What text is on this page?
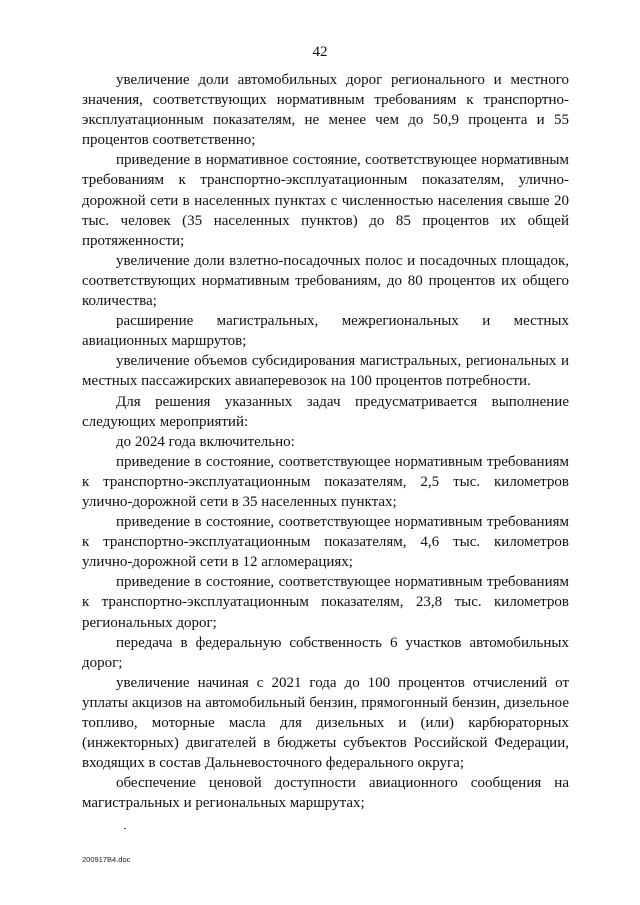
42

увеличение доли автомобильных дорог регионального и местного значения, соответствующих нормативным требованиям к транспортно-эксплуатационным показателям, не менее чем до 50,9 процента и 55 процентов соответственно;

приведение в нормативное состояние, соответствующее нормативным требованиям к транспортно-эксплуатационным показателям, улично-дорожной сети в населенных пунктах с численностью населения свыше 20 тыс. человек (35 населенных пунктов) до 85 процентов их общей протяженности;

увеличение доли взлетно-посадочных полос и посадочных площадок, соответствующих нормативным требованиям, до 80 процентов их общего количества;

расширение магистральных, межрегиональных и местных авиационных маршрутов;

увеличение объемов субсидирования магистральных, региональных и местных пассажирских авиаперевозок на 100 процентов потребности.

Для решения указанных задач предусматривается выполнение следующих мероприятий:

до 2024 года включительно:

приведение в состояние, соответствующее нормативным требованиям к транспортно-эксплуатационным показателям, 2,5 тыс. километров улично-дорожной сети в 35 населенных пунктах;

приведение в состояние, соответствующее нормативным требованиям к транспортно-эксплуатационным показателям, 4,6 тыс. километров улично-дорожной сети в 12 агломерациях;

приведение в состояние, соответствующее нормативным требованиям к транспортно-эксплуатационным показателям, 23,8 тыс. километров региональных дорог;

передача в федеральную собственность 6 участков автомобильных дорог;

увеличение начиная с 2021 года до 100 процентов отчислений от уплаты акцизов на автомобильный бензин, прямогонный бензин, дизельное топливо, моторные масла для дизельных и (или) карбюраторных (инжекторных) двигателей в бюджеты субъектов Российской Федерации, входящих в состав Дальневосточного федерального округа;

обеспечение ценовой доступности авиационного сообщения на магистральных и региональных маршрутах;

200917В4.doc
